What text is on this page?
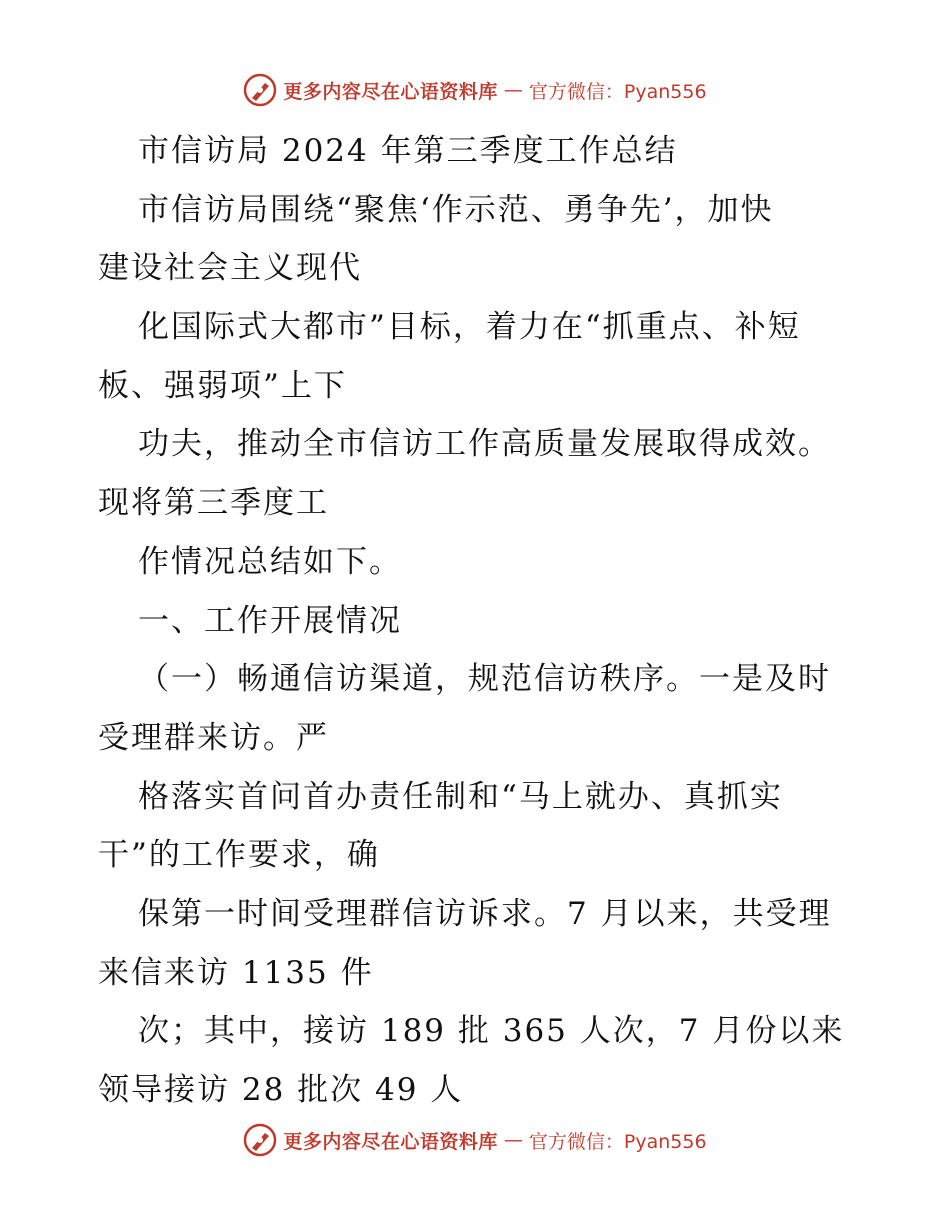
更多内容尽在心语资料库 — 官方微信：Pyan556
市信访局 2024 年第三季度工作总结
市信访局围绕“聚焦‘作示范、勇争先’，加快
建设社会主义现代
化国际式大都市”目标，着力在“抓重点、补短
板、强弱项”上下
功夫，推动全市信访工作高质量发展取得成效。
现将第三季度工
作情况总结如下。
一、工作开展情况
（一）畅通信访渠道，规范信访秩序。一是及时
受理群来访。严
格落实首问首办责任制和“马上就办、真抓实
干”的工作要求，确
保第一时间受理群信访诉求。7 月以来，共受理
来信来访 1135 件
次；其中，接访 189 批 365 人次，7 月份以来
领导接访 28 批次 49 人
更多内容尽在心语资料库 — 官方微信：Pyan556
